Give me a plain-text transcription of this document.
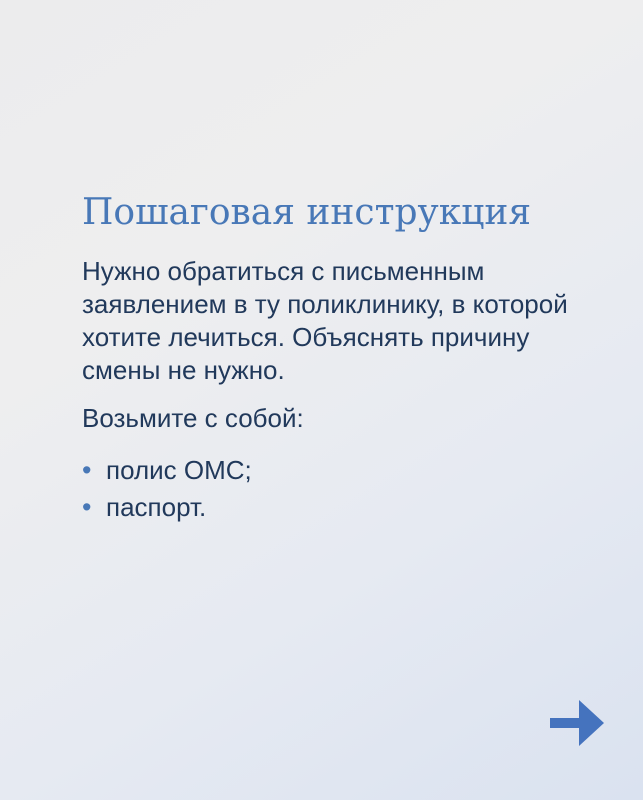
Пошаговая инструкция

Нужно обратиться с письменным заявлением в ту поликлинику, в которой хотите лечиться. Объяснять причину смены не нужно.

Возьмите с собой:

• полис ОМС;
• паспорт.
